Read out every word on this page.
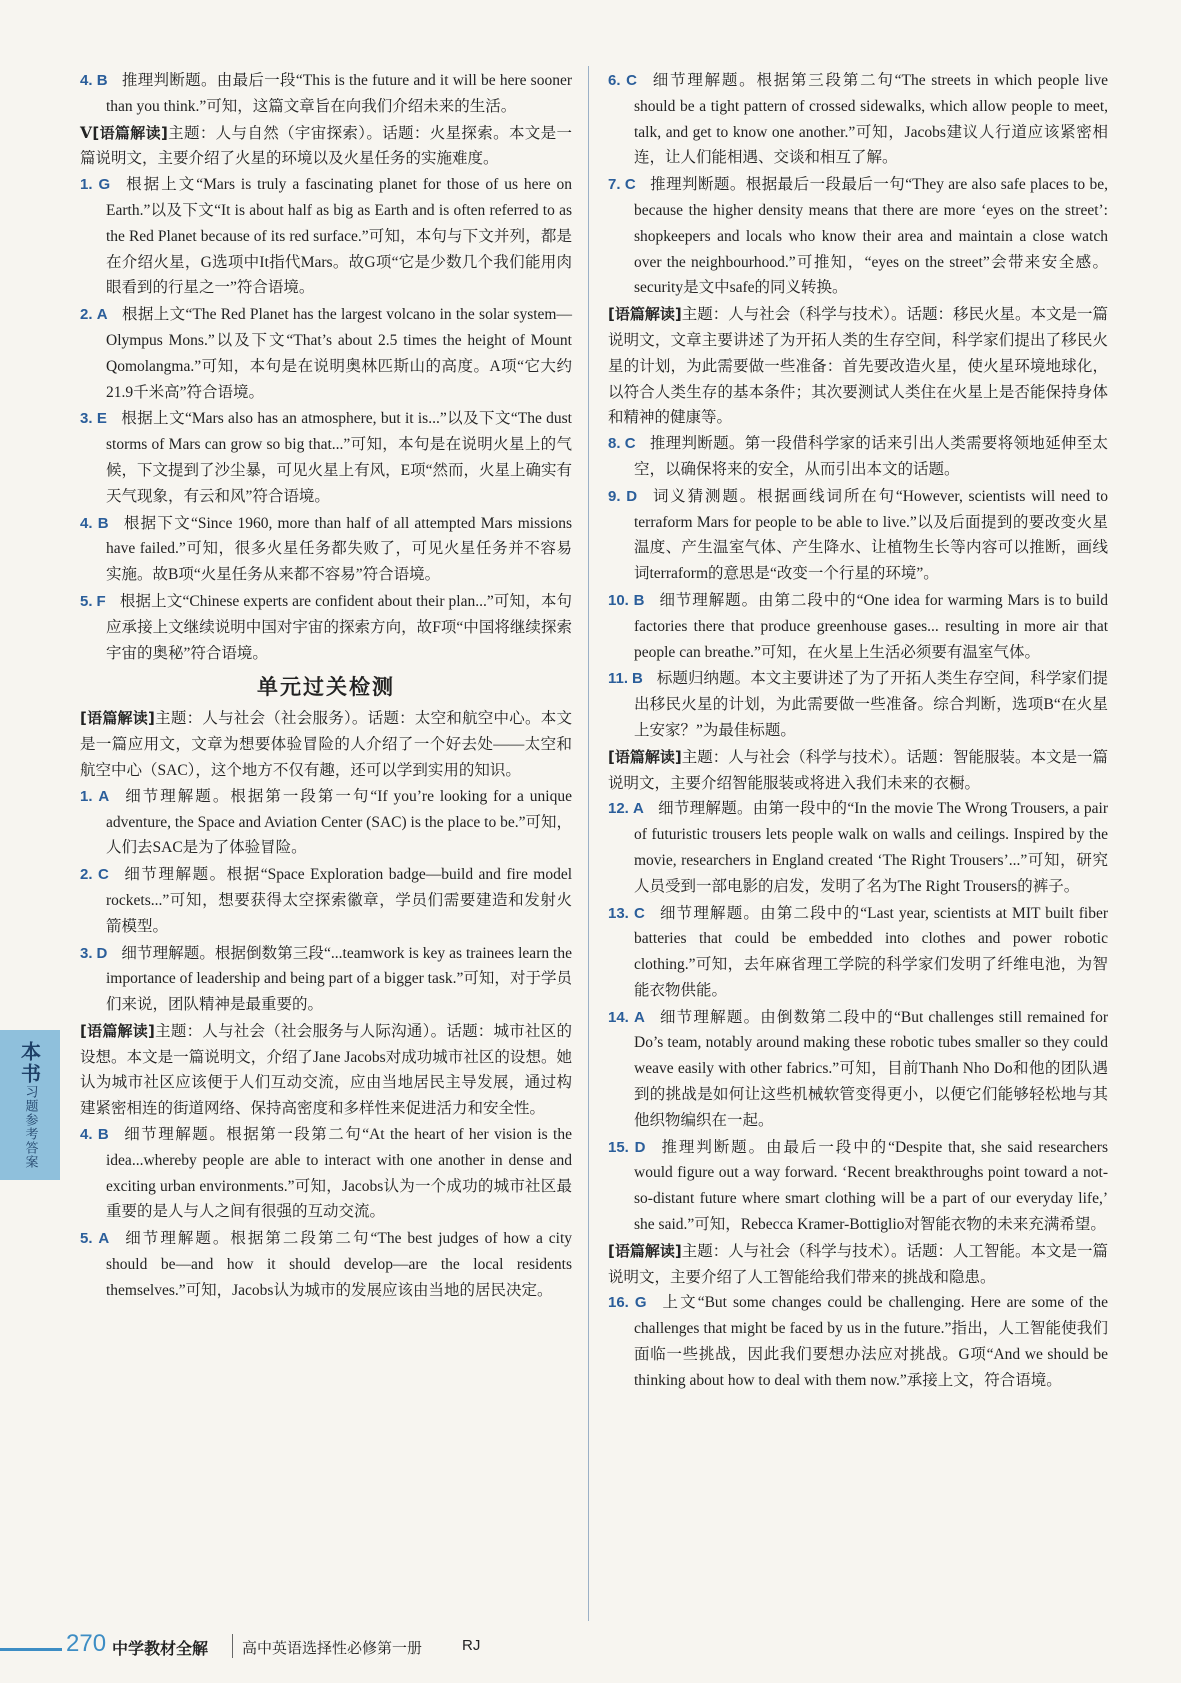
4. B 推理判断题。由最后一段“This is the future and it will be here sooner than you think.”可知，这篇文章旨在向我们介绍未来的生活。
Ⅴ[语篇解读]主题：人与自然（宇宙探索）。话题：火星探索。本文是一篇说明文，主要介绍了火星的环境以及火星任务的实施难度。
1. G 根据上文“Mars is truly a fascinating planet for those of us here on Earth.”以及下文“It is about half as big as Earth and is often referred to as the Red Planet because of its red surface.”可知，本句与下文并列，都是在介绍火星，G选项中It指代Mars。故G项“它是少数几个我们能用肉眼看到的行星之一”符合语境。
2. A 根据上文“The Red Planet has the largest volcano in the solar system—Olympus Mons.”以及下文“That’s about 2.5 times the height of Mount Qomolangma.”可知，本句是在说明奥林匹斯山的高度。A项“它大约21.9千米高”符合语境。
3. E 根据上文“Mars also has an atmosphere, but it is...”以及下文“The dust storms of Mars can grow so big that...”可知，本句是在说明火星上的气候，下文提到了沙尘暴，可见火星上有风，E项“然而，火星上确实有天气现象，有云和风”符合语境。
4. B 根据下文“Since 1960, more than half of all attempted Mars missions have failed.”可知，很多火星任务都失败了，可见火星任务并不容易实施。故B项“火星任务从来都不容易”符合语境。
5. F 根据上文“Chinese experts are confident about their plan...”可知，本句应承接上文继续说明中国对宇宙的探索方向，故F项“中国将继续探索宇宙的奥秘”符合语境。
单元过关检测
[语篇解读]主题：人与社会（社会服务）。话题：太空和航空中心。本文是一篇应用文，文章为想要体验冒险的人介绍了一个好去处——太空和航空中心（SAC），这个地方不仅有趣，还可以学到实用的知识。
1. A 细节理解题。根据第一段第一句“If you’re looking for a unique adventure, the Space and Aviation Center (SAC) is the place to be.”可知，人们去SAC是为了体验冒险。
2. C 细节理解题。根据“Space Exploration badge—build and fire model rockets...”可知，想要获得太空探索徽章，学员们需要建造和发射火箭模型。
3. D 细节理解题。根据倒数第三段“...teamwork is key as trainees learn the importance of leadership and being part of a bigger task.”可知，对于学员们来说，团队精神是最重要的。
[语篇解读]主题：人与社会（社会服务与人际沟通）。话题：城市社区的设想。本文是一篇说明文，介绍了Jane Jacobs对成功城市社区的设想。她认为城市社区应该便于人们互动交流，应由当地居民主导发展，通过构建紧密相连的街道网络、保持高密度和多样性来促进活力和安全性。
4. B 细节理解题。根据第一段第二句“At the heart of her vision is the idea...whereby people are able to interact with one another in dense and exciting urban environments.”可知，Jacobs认为一个成功的城市社区最重要的是人与人之间有很强的互动交流。
5. A 细节理解题。根据第二段第二句“The best judges of how a city should be—and how it should develop—are the local residents themselves.”可知，Jacobs认为城市的发展应该由当地的居民决定。
6. C 细节理解题。根据第三段第二句“The streets in which people live should be a tight pattern of crossed sidewalks, which allow people to meet, talk, and get to know one another.”可知，Jacobs建议人行道应该紧密相连，让人们能相遇、交谈和相互了解。
7. C 推理判断题。根据最后一段最后一句“They are also safe places to be, because the higher density means that there are more ‘eyes on the street’: shopkeepers and locals who know their area and maintain a close watch over the neighbourhood.”可推知，“eyes on the street”会带来安全感。security是文中safe的同义转换。
[语篇解读]主题：人与社会（科学与技术）。话题：移民火星。本文是一篇说明文，文章主要讲述了为开拓人类的生存空间，科学家们提出了移民火星的计划，为此需要做一些准备：首先要改造火星，使火星环境地球化，以符合人类生存的基本条件；其次要测试人类住在火星上是否能保持身体和精神的健康等。
8. C 推理判断题。第一段借科学家的话来引出人类需要将领地延伸至太空，以确保将来的安全，从而引出本文的话题。
9. D 词义猜测题。根据画线词所在句“However, scientists will need to terraform Mars for people to be able to live.”以及后面提到的要改变火星温度、产生温室气体、产生降水、让植物生长等内容可以推断，画线词terraform的意思是“改变一个行星的环境”。
10. B 细节理解题。由第二段中的“One idea for warming Mars is to build factories there that produce greenhouse gases... resulting in more air that people can breathe.”可知，在火星上生活必须要有温室气体。
11. B 标题归纳题。本文主要讲述了为了开拓人类生存空间，科学家们提出移民火星的计划，为此需要做一些准备。综合判断，选项B“在火星上安家？”为最佳标题。
[语篇解读]主题：人与社会（科学与技术）。话题：智能服装。本文是一篇说明文，主要介绍智能服装或将进入我们未来的衣橱。
12. A 细节理解题。由第一段中的“In the movie The Wrong Trousers, a pair of futuristic trousers lets people walk on walls and ceilings. Inspired by the movie, researchers in England created ‘The Right Trousers’...”可知，研究人员受到一部电影的启发，发明了名为The Right Trousers的裤子。
13. C 细节理解题。由第二段中的“Last year, scientists at MIT built fiber batteries that could be embedded into clothes and power robotic clothing.”可知，去年麻省理工学院的科学家们发明了纤维电池，为智能衣物供能。
14. A 细节理解题。由倒数第二段中的“But challenges still remained for Do’s team, notably around making these robotic tubes smaller so they could weave easily with other fabrics.”可知，目前Thanh Nho Do和他的团队遇到的挑战是如何让这些机械软管变得更小，以便它们能够轻松地与其他织物编织在一起。
15. D 推理判断题。由最后一段中的“Despite that, she said researchers would figure out a way forward. ‘Recent breakthroughs point toward a not-so-distant future where smart clothing will be a part of our everyday life,’ she said.”可知，Rebecca Kramer-Bottiglio对智能衣物的未来充满希望。
[语篇解读]主题：人与社会（科学与技术）。话题：人工智能。本文是一篇说明文，主要介绍了人工智能给我们带来的挑战和隐患。
16. G 上文“But some changes could be challenging. Here are some of the challenges that might be faced by us in the future.”指出，人工智能使我们面临一些挑战，因此我们要想办法应对挑战。G项“And we should be thinking about how to deal with them now.”承接上文，符合语境。
本书
习题参考答案
270 中学教材全解 高中英语选择性必修第一册	RJ
